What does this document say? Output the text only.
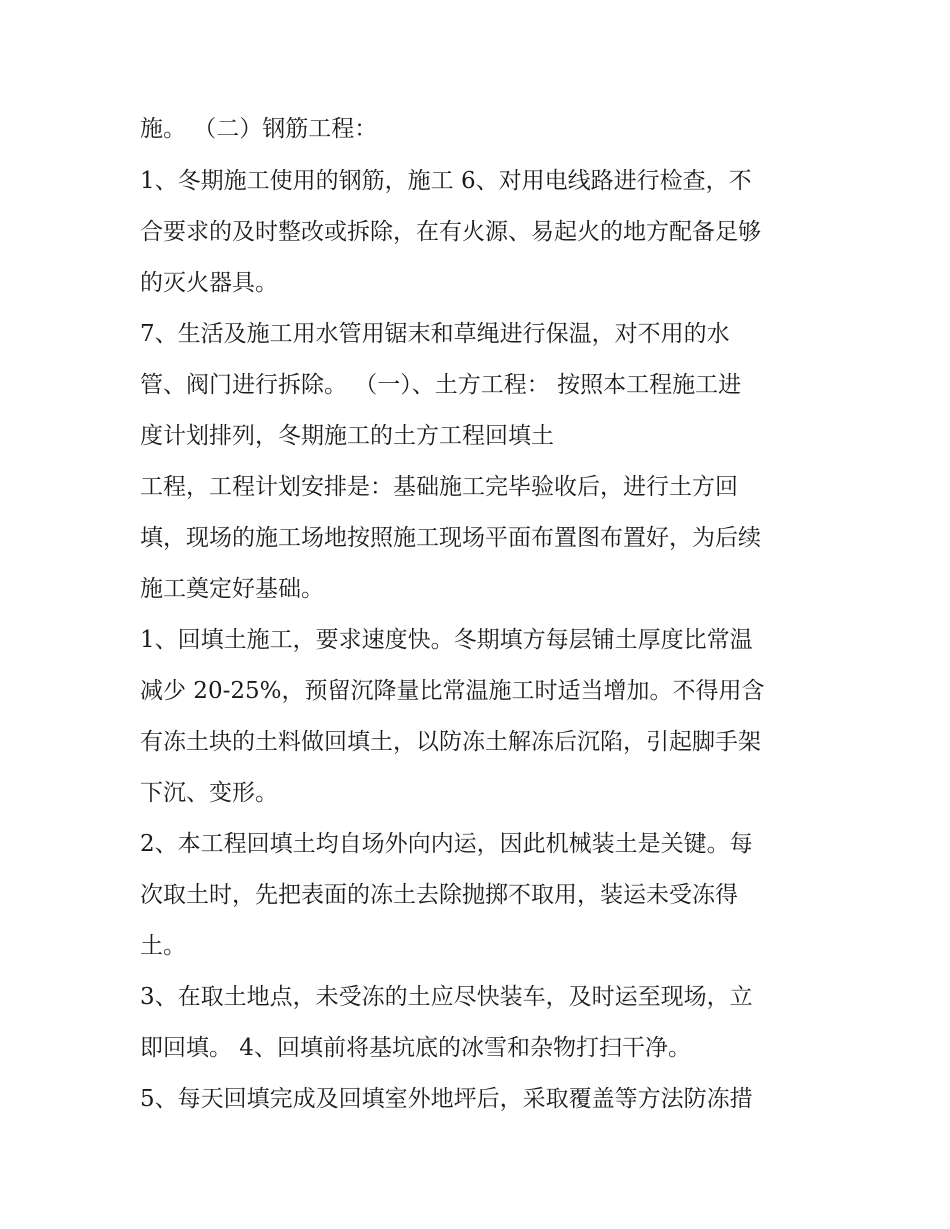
施。 （二）钢筋工程：
1、冬期施工使用的钢筋，施工 6、对用电线路进行检查，不
合要求的及时整改或拆除，在有火源、易起火的地方配备足够
的灭火器具。
7、生活及施工用水管用锯末和草绳进行保温，对不用的水
管、阀门进行拆除。 （一）、土方工程： 按照本工程施工进
度计划排列，冬期施工的土方工程回填土
工程，工程计划安排是：基础施工完毕验收后，进行土方回
填，现场的施工场地按照施工现场平面布置图布置好，为后续
施工奠定好基础。
1、回填土施工，要求速度快。冬期填方每层铺土厚度比常温
减少 20-25%，预留沉降量比常温施工时适当增加。不得用含
有冻土块的土料做回填土，以防冻土解冻后沉陷，引起脚手架
下沉、变形。
2、本工程回填土均自场外向内运，因此机械装土是关键。每
次取土时，先把表面的冻土去除抛掷不取用，装运未受冻得
土。
3、在取土地点，未受冻的土应尽快装车，及时运至现场，立
即回填。 4、回填前将基坑底的冰雪和杂物打扫干净。
5、每天回填完成及回填室外地坪后，采取覆盖等方法防冻措
